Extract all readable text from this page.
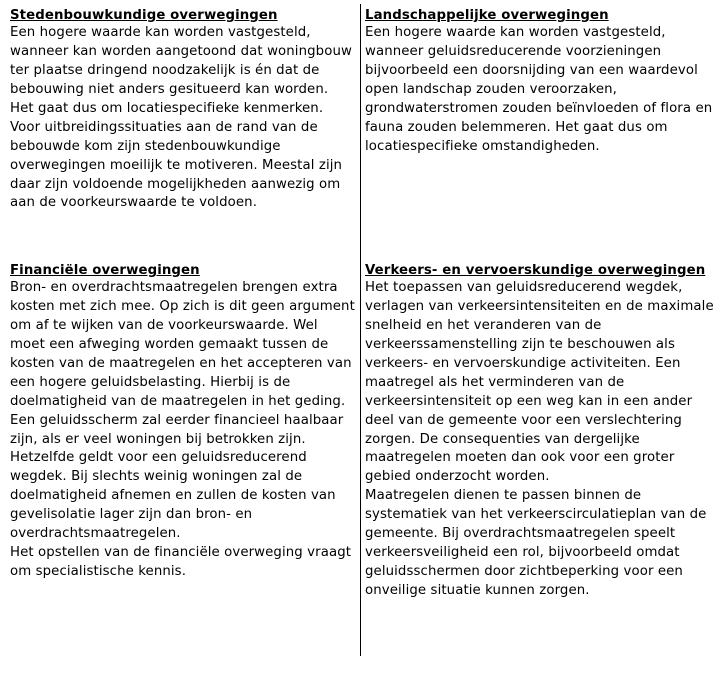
Stedenbouwkundige overwegingen

Een hogere waarde kan worden vastgesteld, wanneer kan worden aangetoond dat woningbouw ter plaatse dringend noodzakelijk is én dat de bebouwing niet anders gesitueerd kan worden. Het gaat dus om locatiespecifieke kenmerken. Voor uitbreidingssituaties aan de rand van de bebouwde kom zijn stedenbouwkundige overwegingen moeilijk te motiveren. Meestal zijn daar zijn voldoende mogelijkheden aanwezig om aan de voorkeurswaarde te voldoen.

Landschappelijke overwegingen

Een hogere waarde kan worden vastgesteld, wanneer geluidsreducerende voorzieningen bijvoorbeeld een doorsnijding van een waardevol open landschap zouden veroorzaken, grondwaterstromen zouden beïnvloeden of flora en fauna zouden belemmeren. Het gaat dus om locatiespecifieke omstandigheden.

Financiële overwegingen

Bron- en overdrachtsmaatregelen brengen extra kosten met zich mee. Op zich is dit geen argument om af te wijken van de voorkeurswaarde. Wel moet een afweging worden gemaakt tussen de kosten van de maatregelen en het accepteren van een hogere geluidsbelasting. Hierbij is de doelmatigheid van de maatregelen in het geding. Een geluidsscherm zal eerder financieel haalbaar zijn, als er veel woningen bij betrokken zijn. Hetzelfde geldt voor een geluidsreducerend wegdek. Bij slechts weinig woningen zal de doelmatigheid afnemen en zullen de kosten van gevelisolatie lager zijn dan bron- en overdrachtsmaatregelen.

Het opstellen van de financiële overweging vraagt om specialistische kennis.

Verkeers- en vervoerskundige overwegingen

Het toepassen van geluidsreducerend wegdek, verlagen van verkeersintensiteiten en de maximale snelheid en het veranderen van de verkeerssamenstelling zijn te beschouwen als verkeers- en vervoerskundige activiteiten. Een maatregel als het verminderen van de verkeersintensiteit op een weg kan in een ander deel van de gemeente voor een verslechtering zorgen. De consequenties van dergelijke maatregelen moeten dan ook voor een groter gebied onderzocht worden.

Maatregelen dienen te passen binnen de systematiek van het verkeerscirculatieplan van de gemeente. Bij overdrachtsmaatregelen speelt verkeersveiligheid een rol, bijvoorbeeld omdat geluidsschermen door zichtbeperking voor een onveilige situatie kunnen zorgen.
